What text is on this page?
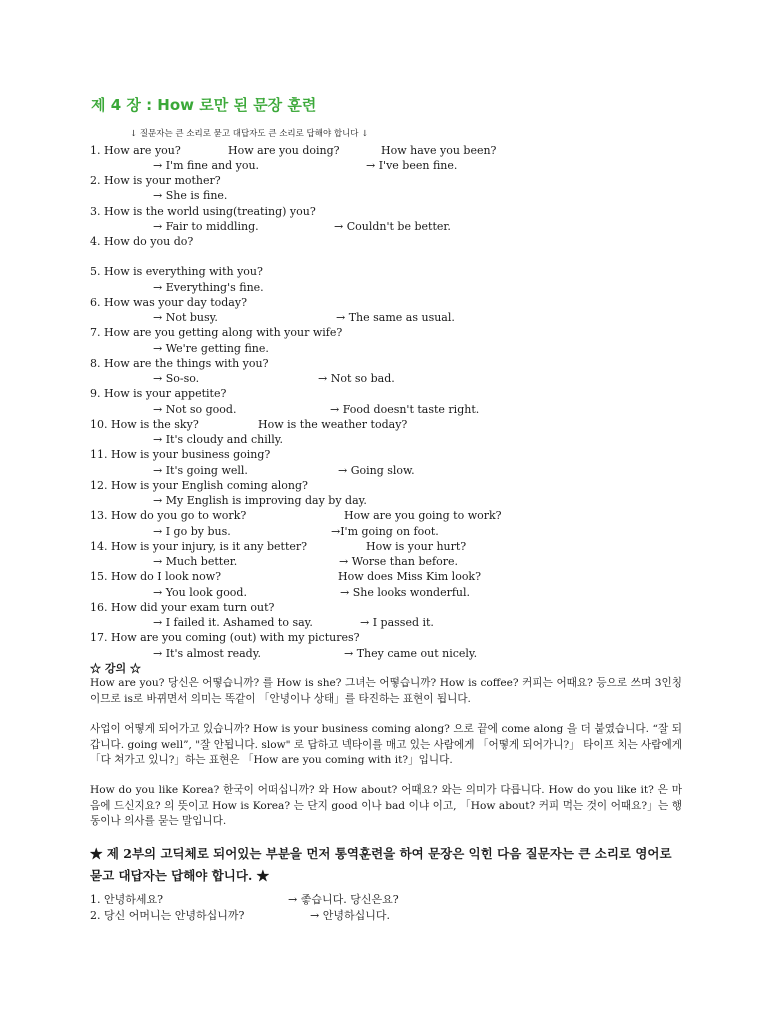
제 4 장 : How 로만 된 문장 훈련
↓ 질문자는 큰 소리로 묻고 대답자도 큰 소리로 답해야 합니다 ↓
1. How are you?	How are you doing?	How have you been?
→ I'm fine and you.	→ I've been fine.
2. How is your mother?
→ She is fine.
3. How is the world using(treating) you?
→ Fair to middling.	→ Couldn't be better.
4. How do you do?
5. How is everything with you?
→ Everything's fine.
6. How was your day today?
→ Not busy.	→ The same as usual.
7. How are you getting along with your wife?
→ We're getting fine.
8. How are the things with you?
→ So-so.	→ Not so bad.
9. How is your appetite?
→ Not so good.	→ Food doesn't taste right.
10. How is the sky?	How is the weather today?
→ It's cloudy and chilly.
11. How is your business going?
→ It's going well.	→ Going slow.
12. How is your English coming along?
→ My English is improving day by day.
13. How do you go to work?	How are you going to work?
→ I go by bus.	→I'm going on foot.
14. How is your injury, is it any better?	How is your hurt?
→ Much better.	→ Worse than before.
15. How do I look now?	How does Miss Kim look?
→ You look good.	→ She looks wonderful.
16. How did your exam turn out?
→ I failed it. Ashamed to say.	→ I passed it.
17. How are you coming (out) with my pictures?
→ It's almost ready.	→ They came out nicely.
☆ 강의 ☆
How are you? 당신은 어떻습니까? 를 How is she? 그녀는 어떻습니까? How is coffee? 커피는 어때요? 등으로 쓰며 3인칭이므로 is로 바뀌면서 의미는 똑같이 「안녕이나 상태」를 타진하는 표현이 됩니다.
사업이 어떻게 되어가고 있습니까? How is your business coming along? 으로 끝에 come along 을 더 붙였습니다. “잘 되갑니다. going well”, "잘 안됩니다. slow" 로 답하고 넥타이를 매고 있는 사람에게 「어떻게 되어가니?」 타이프 치는 사람에게 「다 쳐가고 있니?」하는 표현은 「How are you coming with it?」입니다.
How do you like Korea? 한국이 어떠십니까? 와 How about? 어때요? 와는 의미가 다릅니다. How do you like it? 은 마음에 드신지요? 의 뜻이고 How is Korea? 는 단지 good 이나 bad 이냐 이고, 「How about? 커피 먹는 것이 어때요?」는 행동이나 의사를 묻는 말입니다.
★ 제 2부의 고딕체로 되어있는 부분을 먼저 통역훈련을 하여 문장은 익힌 다음 질문자는 큰 소리로 영어로 묻고 대답자는 답해야 합니다. ★
1. 안녕하세요?	→ 좋습니다. 당신은요?
2. 당신 어머니는 안녕하십니까?	→ 안녕하십니다.
